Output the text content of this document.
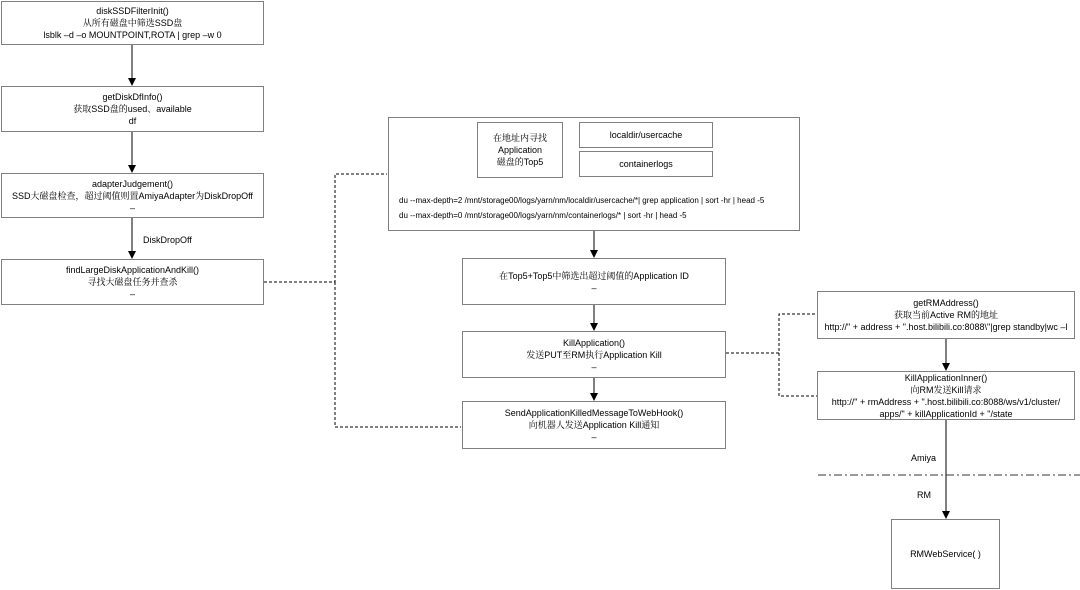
diskSSDFilterInit()
从所有磁盘中筛选SSD盘
lsblk –d –o MOUNTPOINT,ROTA | grep –w 0
getDiskDfInfo()
获取SSD盘的used、available
df
adapterJudgement()
SSD大磁盘检查，超过阈值则置AmiyaAdapter为DiskDropOff
–
DiskDropOff
findLargeDiskApplicationAndKill()
寻找大磁盘任务并查杀
–
在地址内寻找
Application
磁盘的Top5
localdir/usercache
containerlogs
du --max-depth=2 /mnt/storage00/logs/yarn/nm/localdir/usercache/*| grep application | sort -hr | head -5
du --max-depth=0 /mnt/storage00/logs/yarn/nm/containerlogs/* | sort -hr | head -5
在Top5+Top5中筛选出超过阈值的Application ID
–
KillApplication()
发送PUT至RM执行Application Kill
–
SendApplicationKilledMessageToWebHook()
向机器人发送Application Kill通知
–
getRMAddress()
获取当前Active RM的地址
http://" + address + ".host.bilibili.co:8088\"|grep standby|wc –l
KillApplicationInner()
向RM发送Kill请求
http://" + rmAddress + ".host.bilibili.co:8088/ws/v1/cluster/
apps/" + killApplicationId + "/state
Amiya
RM
RMWebService( )
